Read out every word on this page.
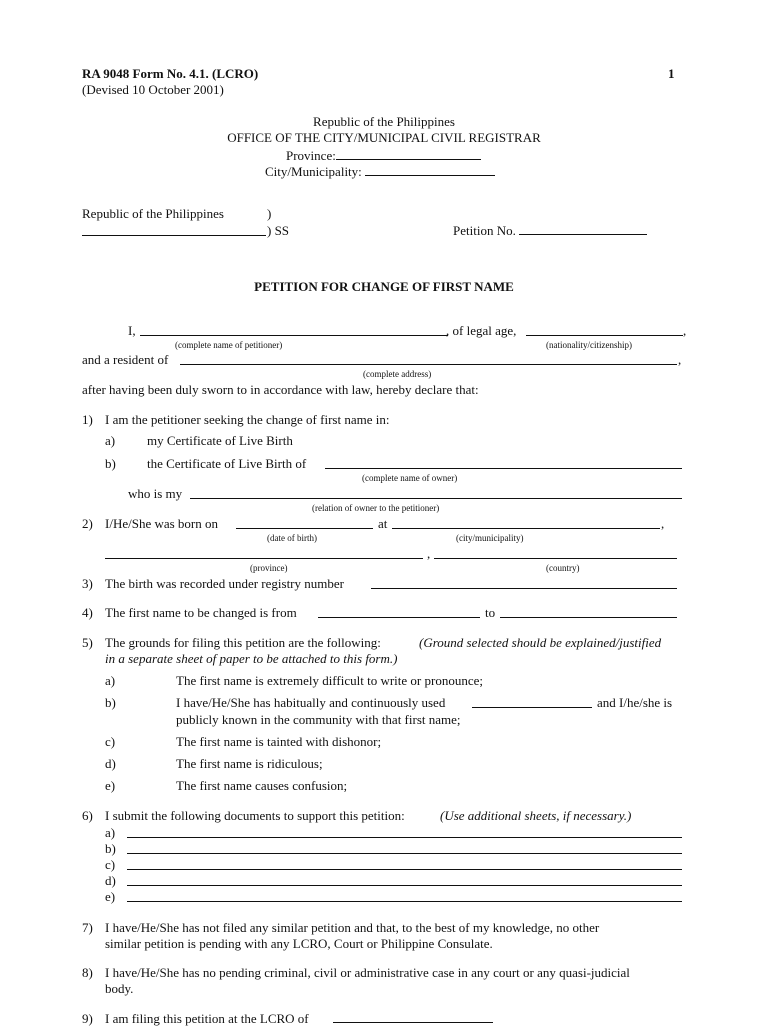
RA 9048 Form No. 4.1. (LCRO)	1
(Devised 10 October 2001)
Republic of the Philippines
OFFICE OF THE CITY/MUNICIPAL CIVIL REGISTRAR
Province:
City/Municipality:
Republic of the Philippines	)
) SS	Petition No.
PETITION FOR CHANGE OF FIRST NAME
I,	, of legal age,	,
(complete name of petitioner)	(nationality/citizenship)
and a resident of	,
(complete address)
after having been duly sworn to in accordance with law, hereby declare that:
1) I am the petitioner seeking the change of first name in:
a) my Certificate of Live Birth
b) the Certificate of Live Birth of
(complete name of owner)
who is my
(relation of owner to the petitioner)
2) I/He/She was born on	at	,
(date of birth)	(city/municipality)
,
(province)	(country)
3) The birth was recorded under registry number
4) The first name to be changed is from	to
5) The grounds for filing this petition are the following:	(Ground selected should be explained/justified
in a separate sheet of paper to be attached to this form.)
a)	The first name is extremely difficult to write or pronounce;
b)	I have/He/She has habitually and continuously used	and I/he/she is
publicly known in the community with that first name;
c)	The first name is tainted with dishonor;
d)	The first name is ridiculous;
e)	The first name causes confusion;
6) I submit the following documents to support this petition:	(Use additional sheets, if necessary.)
a)
b)
c)
d)
e)
7) I have/He/She has not filed any similar petition and that, to the best of my knowledge, no other
similar petition is pending with any LCRO, Court or Philippine Consulate.
8) I have/He/She has no pending criminal, civil or administrative case in any court or any quasi-judicial
body.
9) I am filing this petition at the LCRO of
